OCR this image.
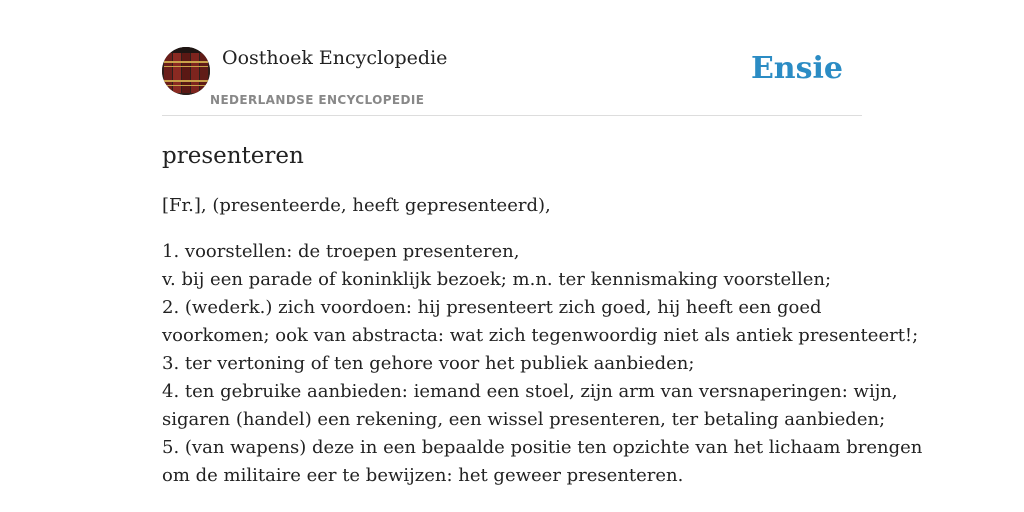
Oosthoek Encyclopedie
NEDERLANDSE ENCYCLOPEDIE
Ensie
presenteren

[Fr.], (presenteerde, heeft gepresenteerd),

1. voorstellen: de troepen presenteren,
v. bij een parade of koninklijk bezoek; m.n. ter kennismaking voorstellen;
2. (wederk.) zich voordoen: hij presenteert zich goed, hij heeft een goed
voorkomen; ook van abstracta: wat zich tegenwoordig niet als antiek presenteert!;
3. ter vertoning of ten gehore voor het publiek aanbieden;
4. ten gebruike aanbieden: iemand een stoel, zijn arm van versnaperingen: wijn,
sigaren (handel) een rekening, een wissel presenteren, ter betaling aanbieden;
5. (van wapens) deze in een bepaalde positie ten opzichte van het lichaam brengen
om de militaire eer te bewijzen: het geweer presenteren.
